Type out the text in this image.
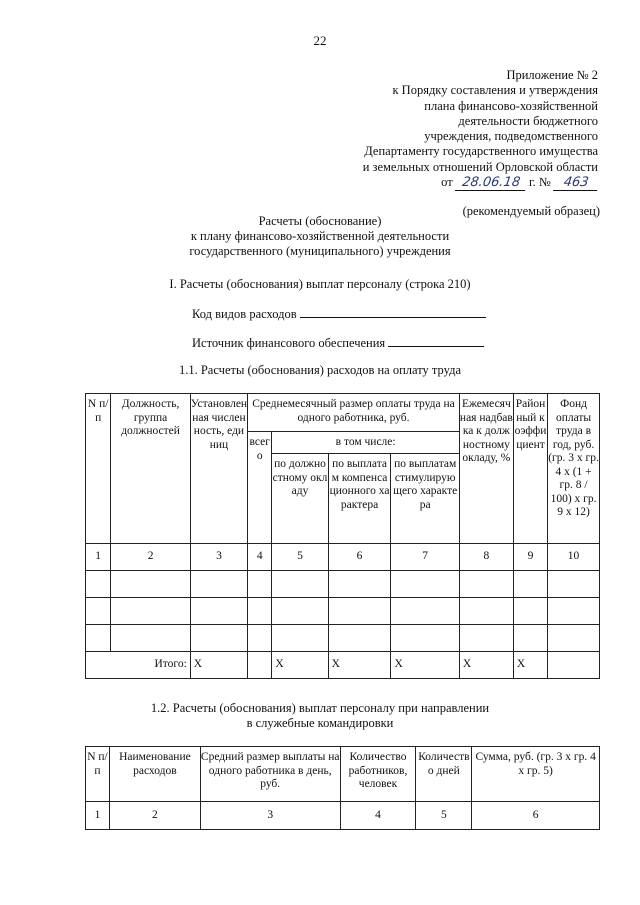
22
Приложение № 2
к Порядку составления и утверждения
плана финансово-хозяйственной
деятельности бюджетного
учреждения, подведомственного
Департаменту государственного имущества
и земельных отношений Орловской области
от 28.06.18 г. № 463
(рекомендуемый образец)
Расчеты (обоснование)
к плану финансово-хозяйственной деятельности
государственного (муниципального) учреждения
I. Расчеты (обоснования) выплат персоналу (строка 210)
Код видов расходов
Источник финансового обеспечения
1.1. Расчеты (обоснования) расходов на оплату труда
N п/п	Должность, группа должностей	Установленная численность, единиц	Среднемесячный размер оплаты труда на одного работника, руб.				Ежемесячная надбавка к должностному окладу, %	Районный коэффициент	Фонд оплаты труда в год, руб. (гр. 3 x гр. 4 x (1 + гр. 8 / 100) x гр. 9 x 12)
			всего	в том числе:					
				по должностному окладу	по выплатам компенсационного характера	по выплатам стимулирующего характера			
1	2	3	4	5	6	7	8	9	10

Итого:		X		X	X	X	X	X	
1.2. Расчеты (обоснования) выплат персоналу при направлении
в служебные командировки
N п/п	Наименование расходов	Средний размер выплаты на одного работника в день, руб.	Количество работников, человек	Количество дней	Сумма, руб. (гр. 3 x гр. 4 x гр. 5)
1	2	3	4	5	6
